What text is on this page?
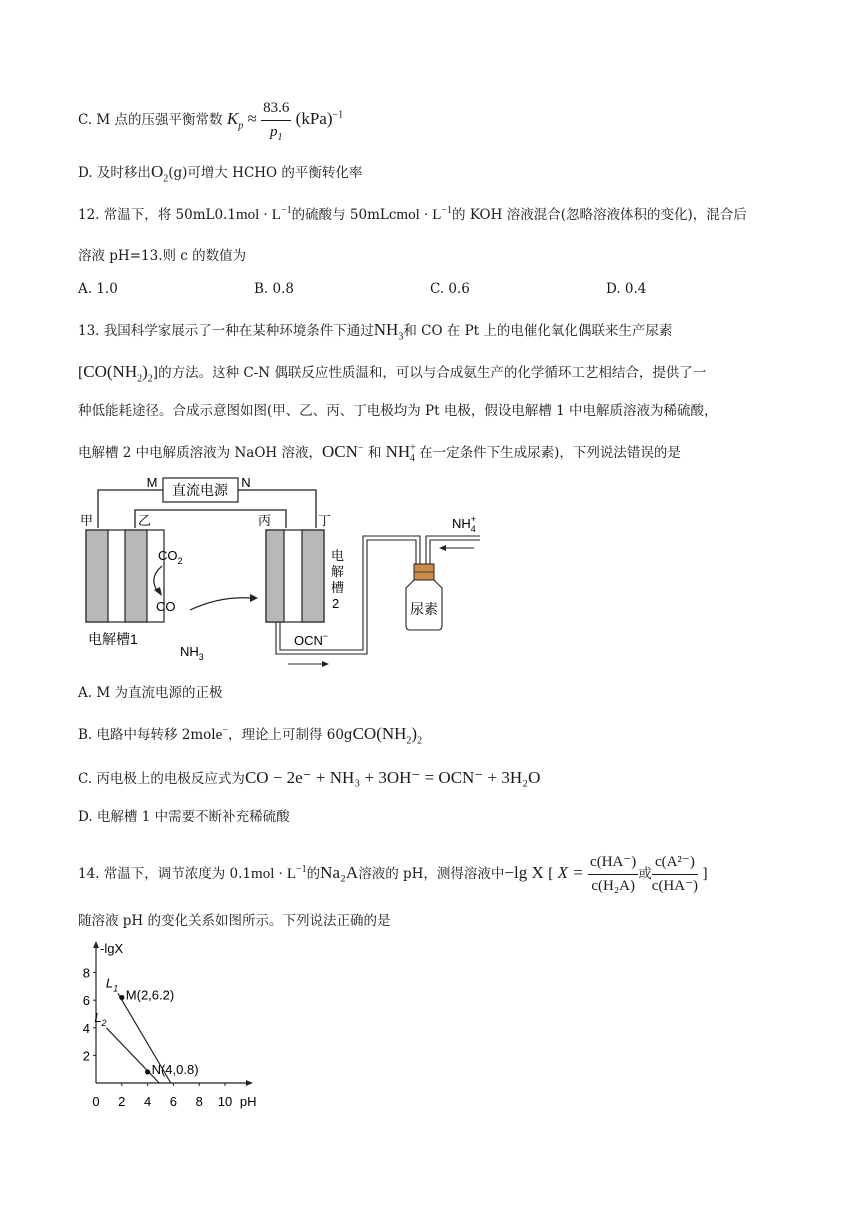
C. M 点的压强平衡常数 $K_p \approx \frac{83.6}{p_1} (kPa)^{-1}$
D. 及时移出$O_2(g)$可增大 HCHO 的平衡转化率
12. 常温下，将 $50mL0.1mol \cdot L^{-1}$的硫酸与 50mLcmol · $L^{-1}$的 KOH 溶液混合(忽略溶液体积的变化)，混合后
溶液 pH=13.则 c 的数值为
A. 1.0	B. 0.8	C. 0.6	D. 0.4
13. 我国科学家展示了一种在某种环境条件下通过$NH_3$和 CO 在 Pt 上的电催化氧化偶联来生产尿素
$[CO(NH_2)_2]$的方法。这种 C-N 偶联反应性质温和，可以与合成氨生产的化学循环工艺相结合，提供了一
种低能耗途径。合成示意图如图(甲、乙、丙、丁电极均为 Pt 电极，假设电解槽 1 中电解质溶液为稀硫酸，
电解槽 2 中电解质溶液为 NaOH 溶液，OCN− 和 $NH^+_4$ 在一定条件下生成尿素)，下列说法错误的是
直流电源
M	N
甲	乙
电解槽1
$CO_2$
CO
$NH_3$
丙	丁
电
解
槽
2
OCN−
$NH_4+$
尿素
A. M 为直流电源的正极
B. 电路中每转移 2mole−，理论上可制得 $60gCO(NH_2)_2$
C. 丙电极上的电极反应式为CO − 2e⁻ + NH₃ + 3OH⁻ = OCN⁻ + 3H₂O
D. 电解槽 1 中需要不断补充稀硫酸
14. 常温下，调节浓度为 $0.1mol \cdot L^{-1}$的Na₂A溶液的 pH，测得溶液中−lg X [ $X = \frac{c(HA^-)}{\text{c(H₂A)}}$ 或 $\frac{\text{c(A²⁻)}}{c(HA^-)}$ ]
随溶液 pH 的变化关系如图所示。下列说法正确的是
-lgX
pH
0 2 4 6 8 10
2
4
6
8
$L_1$
$L_2$
M(2,6.2)
N(4,0.8)
